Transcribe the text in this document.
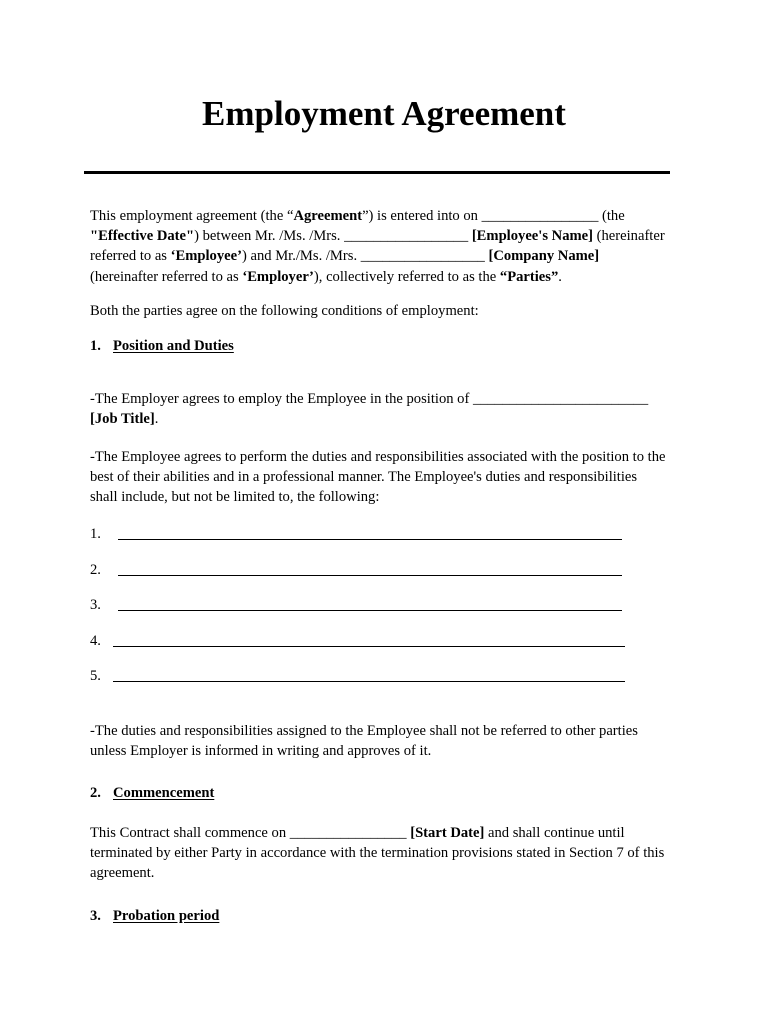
Employment Agreement

This employment agreement (the “Agreement”) is entered into on ________________ (the "Effective Date") between Mr. /Ms. /Mrs. _________________ [Employee's Name] (hereinafter referred to as ‘Employee’) and Mr./Ms. /Mrs. _________________ [Company Name] (hereinafter referred to as ‘Employer’), collectively referred to as the “Parties”.

Both the parties agree on the following conditions of employment:

1. Position and Duties

-The Employer agrees to employ the Employee in the position of ________________________ [Job Title].

-The Employee agrees to perform the duties and responsibilities associated with the position to the best of their abilities and in a professional manner. The Employee's duties and responsibilities shall include, but not be limited to, the following:

1.
2.
3.
4.
5.

-The duties and responsibilities assigned to the Employee shall not be referred to other parties unless Employer is informed in writing and approves of it.

2. Commencement

This Contract shall commence on ________________ [Start Date] and shall continue until terminated by either Party in accordance with the termination provisions stated in Section 7 of this agreement.

3. Probation period
